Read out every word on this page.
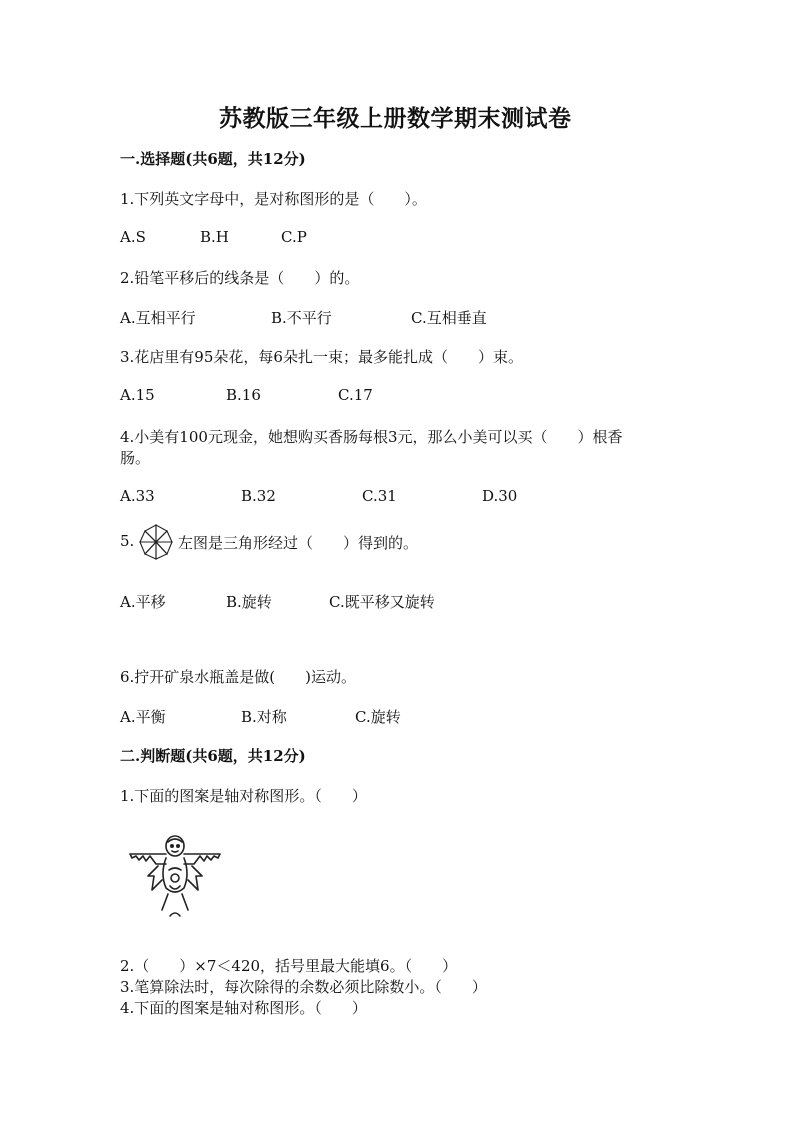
苏教版三年级上册数学期末测试卷
一.选择题(共6题，共12分)
1.下列英文字母中，是对称图形的是（　　）。
A.S	B.H	C.P
2.铅笔平移后的线条是（　　）的。
A.互相平行	B.不平行	C.互相垂直
3.花店里有95朵花，每6朵扎一束；最多能扎成（　　）束。
A.15	B.16	C.17
4.小美有100元现金，她想购买香肠每根3元，那么小美可以买（　　）根香
肠。
A.33	B.32	C.31	D.30
5.	左图是三角形经过（　　）得到的。
A.平移	B.旋转	C.既平移又旋转
6.拧开矿泉水瓶盖是做(　　)运动。
A.平衡	B.对称	C.旋转
二.判断题(共6题，共12分)
1.下面的图案是轴对称图形。（　　）
2.（　　）×7＜420，括号里最大能填6。（　　）
3.笔算除法时，每次除得的余数必须比除数小。（　　）
4.下面的图案是轴对称图形。（　　）
